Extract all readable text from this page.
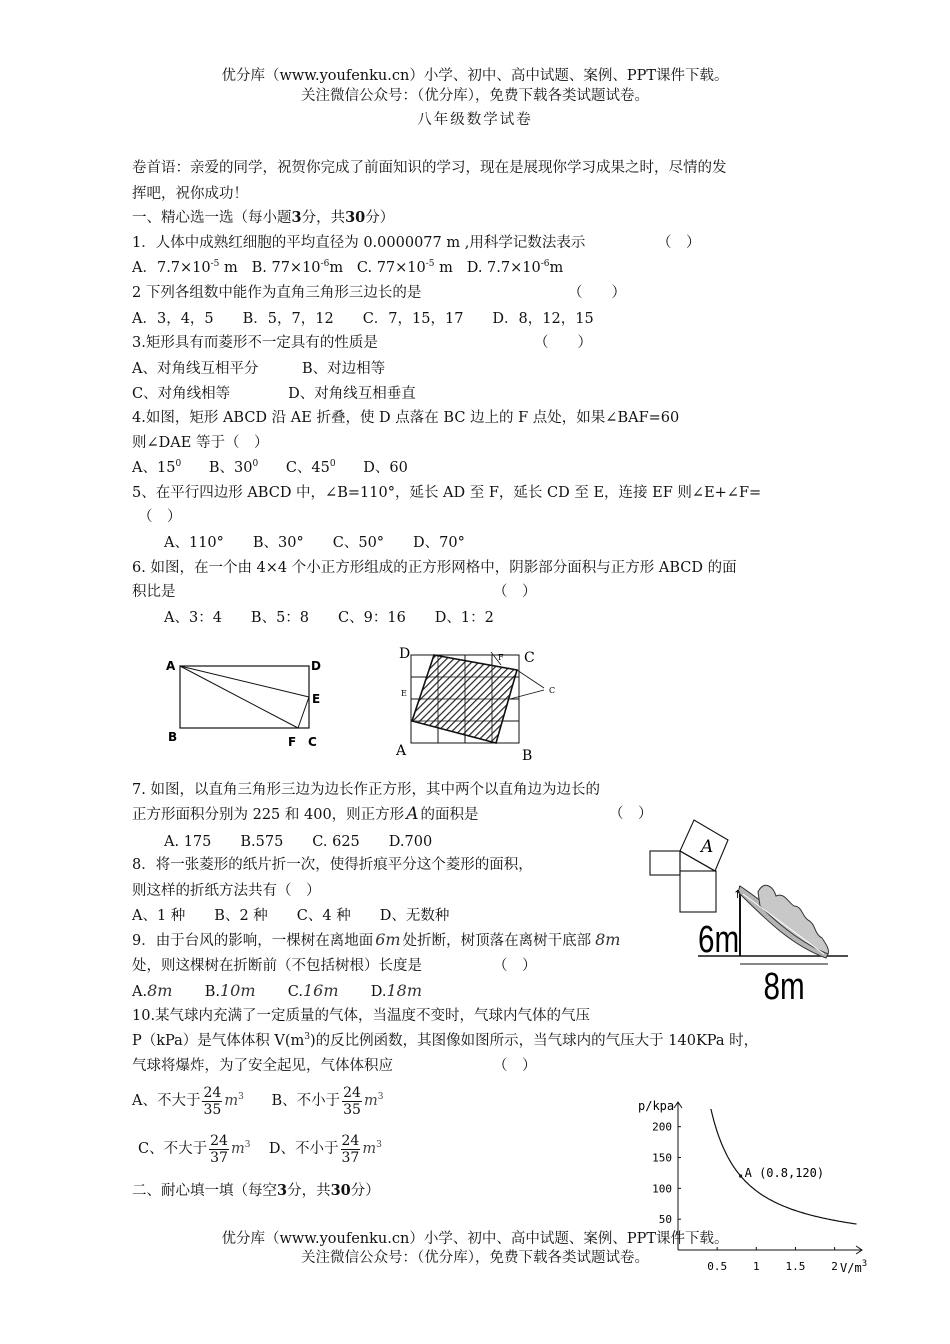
优分库（www.youfenku.cn）小学、初中、高中试题、案例、PPT课件下载。
关注微信公众号：（优分库），免费下载各类试题试卷。
八年级数学试卷
卷首语：亲爱的同学，祝贺你完成了前面知识的学习，现在是展现你学习成果之时，尽情的发
挥吧，祝你成功！
一、精心选一选（每小题3分，共30分）
1．人体中成熟红细胞的平均直径为 0.0000077 m ,用科学记数法表示	（　）
A．$7.7\times 10^{-5}$ m B. $77\times 10^{-6}m$ C. $77\times 10^{-5}$ m D. $7.7\times 10^{-6}m$
2 下列各组数中能作为直角三角形三边长的是	（　　）
A．3，4，5　　B．5，7，12　　C．7，15，17　　D．8，12，15
3.矩形具有而菱形不一定具有的性质是	（　　）
A、对角线互相平分　　　B、对边相等
C、对角线相等　　　　D、对角线互相垂直
4.如图，矩形 ABCD 沿 AE 折叠，使 D 点落在 BC 边上的 F 点处，如果∠BAF=60
则∠DAE 等于（　）
A、$15^0$ B、$30^0$ C、$45^0$ D、60
5、在平行四边形 ABCD 中，∠B=110°，延长 AD 至 F，延长 CD 至 E，连接 EF 则∠E+∠F=
（　）
A、110°　　B、30°　　C、50°　　D、70°
6. 如图，在一个由 4×4 个小正方形组成的正方形网格中，阴影部分面积与正方形 ABCD 的面
积比是	（　）
A、3：4　　B、5：8　　C、9：16　　D、1：2
A	D
E
B	F C
D	C
A	B
F
E	C
7. 如图，以直角三角形三边为边长作正方形，其中两个以直角边为边长的
正方形面积分别为 225 和 400，则正方形 A 的面积是	（　）
A. 175　　B.575　　C. 625　　D.700
8．将一张菱形的纸片折一次，使得折痕平分这个菱形的面积，
则这样的折纸方法共有（　）
A、1 种　　B、2 种　　C、4 种　　D、无数种
A
9．由于台风的影响，一棵树在离地面 6m 处折断，树顶落在离树干底部 8m
处，则这棵树在折断前（不包括树根）长度是	（　）
A.8m B.10m C.16m D.18m
↑
6m
8m
10.某气球内充满了一定质量的气体，当温度不变时，气球内气体的气压
P（kPa）是气体体积 $V(m^3)$的反比例函数，其图像如图所示，当气球内的气压大于 140KPa 时，
气球将爆炸，为了安全起见，气体体积应	（　）
A、不大于 $\frac{24}{35} m^3$ B、不小于 $\frac{24}{35} m^3$
C、不大于 $\frac{24}{37} m^3$ D、不小于 $\frac{24}{37} m^3$
二、耐心填一填（每空3分，共30分）
0.5 1 1.5 2
50
100
150
200
A (0.8,120)
p/kpa
$V/m^3$
优分库（www.youfenku.cn）小学、初中、高中试题、案例、PPT课件下载。
关注微信公众号：（优分库），免费下载各类试题试卷。
